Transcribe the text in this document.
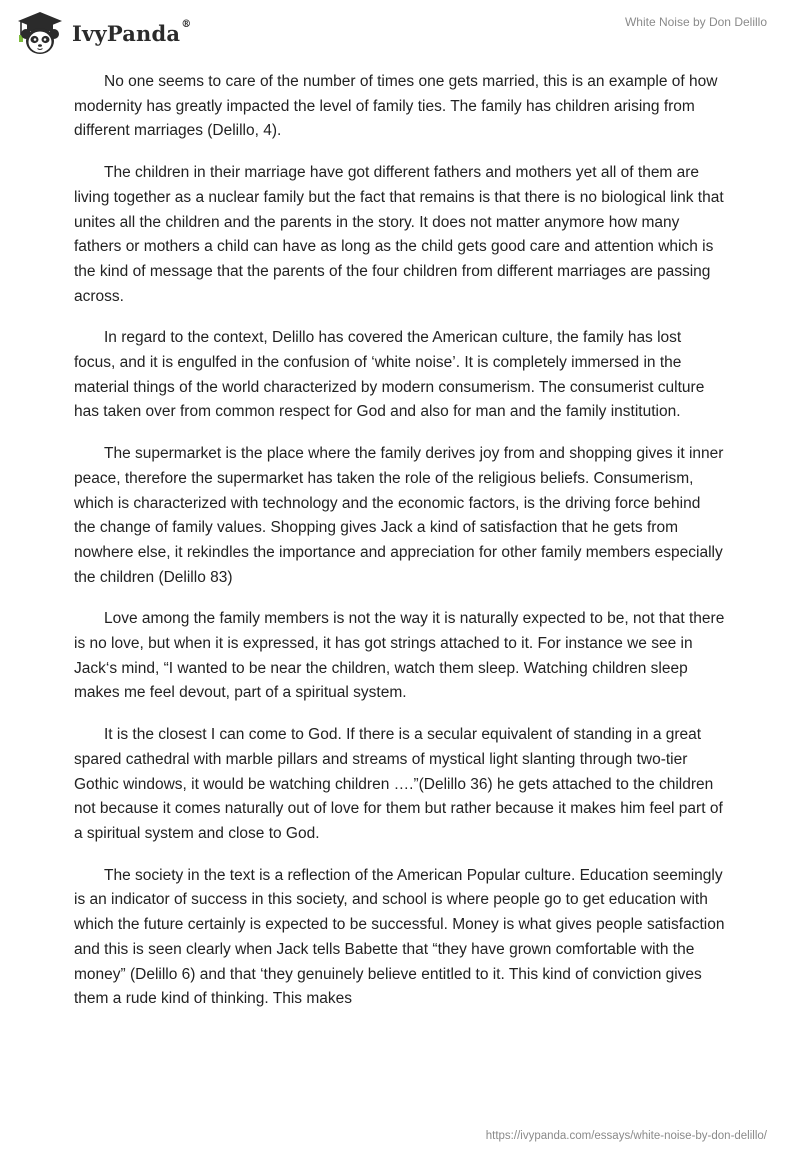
IvyPanda®	White Noise by Don Delillo

No one seems to care of the number of times one gets married, this is an example of how modernity has greatly impacted the level of family ties. The family has children arising from different marriages (Delillo, 4).

The children in their marriage have got different fathers and mothers yet all of them are living together as a nuclear family but the fact that remains is that there is no biological link that unites all the children and the parents in the story. It does not matter anymore how many fathers or mothers a child can have as long as the child gets good care and attention which is the kind of message that the parents of the four children from different marriages are passing across.

In regard to the context, Delillo has covered the American culture, the family has lost focus, and it is engulfed in the confusion of ‘white noise’. It is completely immersed in the material things of the world characterized by modern consumerism. The consumerist culture has taken over from common respect for God and also for man and the family institution.

The supermarket is the place where the family derives joy from and shopping gives it inner peace, therefore the supermarket has taken the role of the religious beliefs. Consumerism, which is characterized with technology and the economic factors, is the driving force behind the change of family values. Shopping gives Jack a kind of satisfaction that he gets from nowhere else, it rekindles the importance and appreciation for other family members especially the children (Delillo 83)

Love among the family members is not the way it is naturally expected to be, not that there is no love, but when it is expressed, it has got strings attached to it. For instance we see in Jack‘s mind, “I wanted to be near the children, watch them sleep. Watching children sleep makes me feel devout, part of a spiritual system.

It is the closest I can come to God. If there is a secular equivalent of standing in a great spared cathedral with marble pillars and streams of mystical light slanting through two-tier Gothic windows, it would be watching children ….”(Delillo 36) he gets attached to the children not because it comes naturally out of love for them but rather because it makes him feel part of a spiritual system and close to God.

The society in the text is a reflection of the American Popular culture. Education seemingly is an indicator of success in this society, and school is where people go to get education with which the future certainly is expected to be successful. Money is what gives people satisfaction and this is seen clearly when Jack tells Babette that “they have grown comfortable with the money” (Delillo 6) and that ‘they genuinely believe entitled to it. This kind of conviction gives them a rude kind of thinking. This makes

https://ivypanda.com/essays/white-noise-by-don-delillo/
